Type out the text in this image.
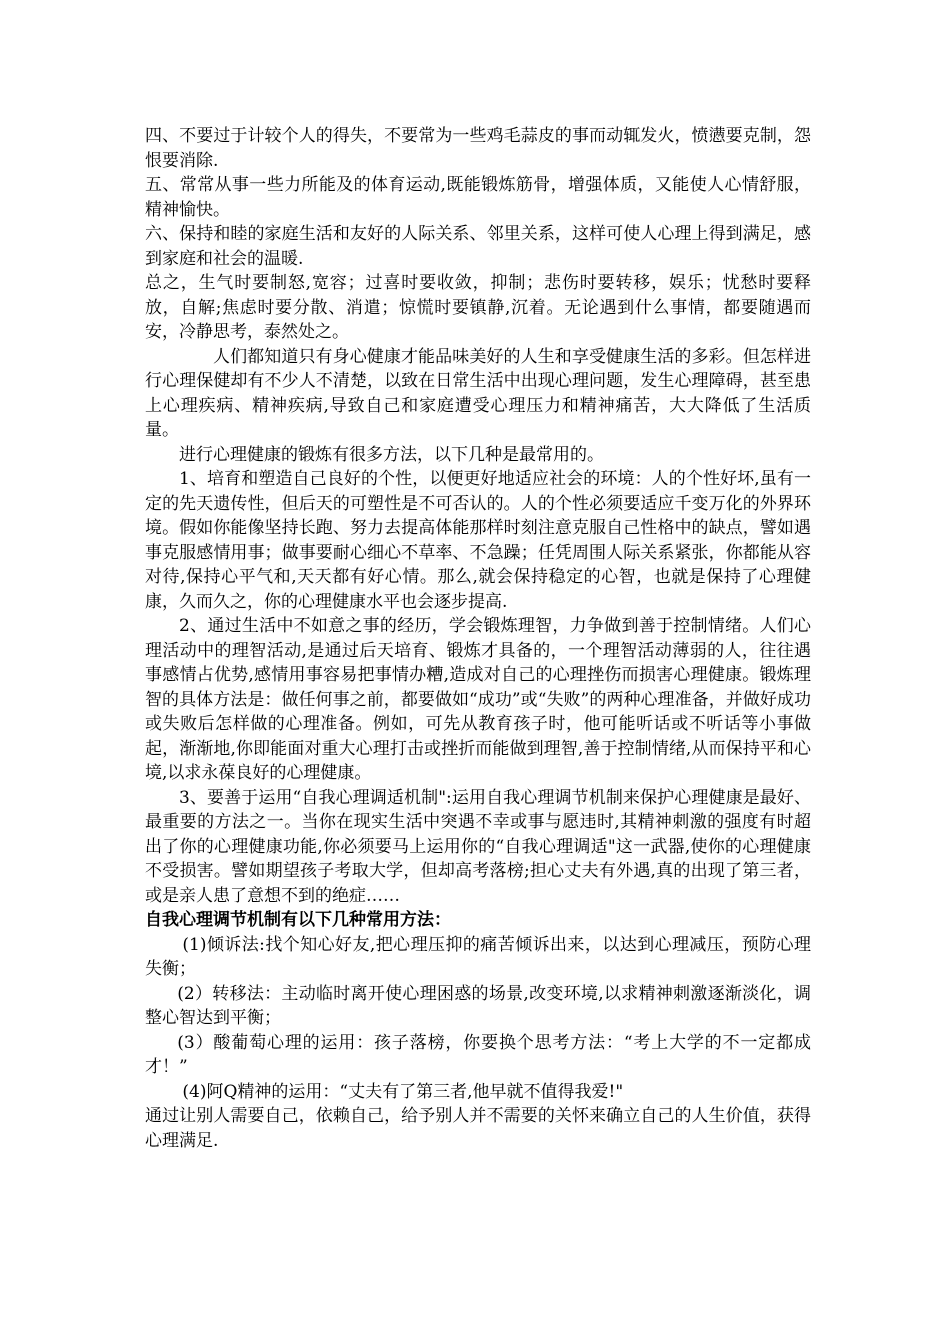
四、不要过于计较个人的得失，不要常为一些鸡毛蒜皮的事而动辄发火，愤懑要克制，怨恨要消除.

五、常常从事一些力所能及的体育运动,既能锻炼筋骨，增强体质，又能使人心情舒服，精神愉快。

六、保持和睦的家庭生活和友好的人际关系、邻里关系，这样可使人心理上得到满足，感到家庭和社会的温暖.

总之，生气时要制怒,宽容；过喜时要收敛，抑制；悲伤时要转移，娱乐；忧愁时要释放，自解;焦虑时要分散、消遣；惊慌时要镇静,沉着。无论遇到什么事情，都要随遇而安，冷静思考，泰然处之。

人们都知道只有身心健康才能品味美好的人生和享受健康生活的多彩。但怎样进行心理保健却有不少人不清楚，以致在日常生活中出现心理问题，发生心理障碍，甚至患上心理疾病、精神疾病,导致自己和家庭遭受心理压力和精神痛苦，大大降低了生活质量。

进行心理健康的锻炼有很多方法，以下几种是最常用的。

1、培育和塑造自己良好的个性，以便更好地适应社会的环境：人的个性好坏,虽有一定的先天遗传性，但后天的可塑性是不可否认的。人的个性必须要适应千变万化的外界环境。假如你能像坚持长跑、努力去提高体能那样时刻注意克服自己性格中的缺点，譬如遇事克服感情用事；做事要耐心细心不草率、不急躁；任凭周围人际关系紧张，你都能从容对待,保持心平气和,天天都有好心情。那么,就会保持稳定的心智，也就是保持了心理健康，久而久之，你的心理健康水平也会逐步提高.

2、通过生活中不如意之事的经历，学会锻炼理智，力争做到善于控制情绪。人们心理活动中的理智活动,是通过后天培育、锻炼才具备的，一个理智活动薄弱的人，往往遇事感情占优势,感情用事容易把事情办糟,造成对自己的心理挫伤而损害心理健康。锻炼理智的具体方法是：做任何事之前，都要做如“成功”或“失败”的两种心理准备，并做好成功或失败后怎样做的心理准备。例如，可先从教育孩子时，他可能听话或不听话等小事做起，渐渐地,你即能面对重大心理打击或挫折而能做到理智,善于控制情绪,从而保持平和心境,以求永葆良好的心理健康。

3、要善于运用“自我心理调适机制":运用自我心理调节机制来保护心理健康是最好、最重要的方法之一。当你在现实生活中突遇不幸或事与愿违时,其精神刺激的强度有时超出了你的心理健康功能,你必须要马上运用你的“自我心理调适"这一武器,使你的心理健康不受损害。譬如期望孩子考取大学，但却高考落榜;担心丈夫有外遇,真的出现了第三者，或是亲人患了意想不到的绝症……

自我心理调节机制有以下几种常用方法：

(1)倾诉法:找个知心好友,把心理压抑的痛苦倾诉出来，以达到心理减压，预防心理失衡；

(2）转移法：主动临时离开使心理困惑的场景,改变环境,以求精神刺激逐渐淡化，调整心智达到平衡；

(3）酸葡萄心理的运用：孩子落榜，你要换个思考方法：“考上大学的不一定都成才！”

(4)阿Q精神的运用：“丈夫有了第三者,他早就不值得我爱!"

通过让别人需要自己，依赖自己，给予别人并不需要的关怀来确立自己的人生价值，获得心理满足.
